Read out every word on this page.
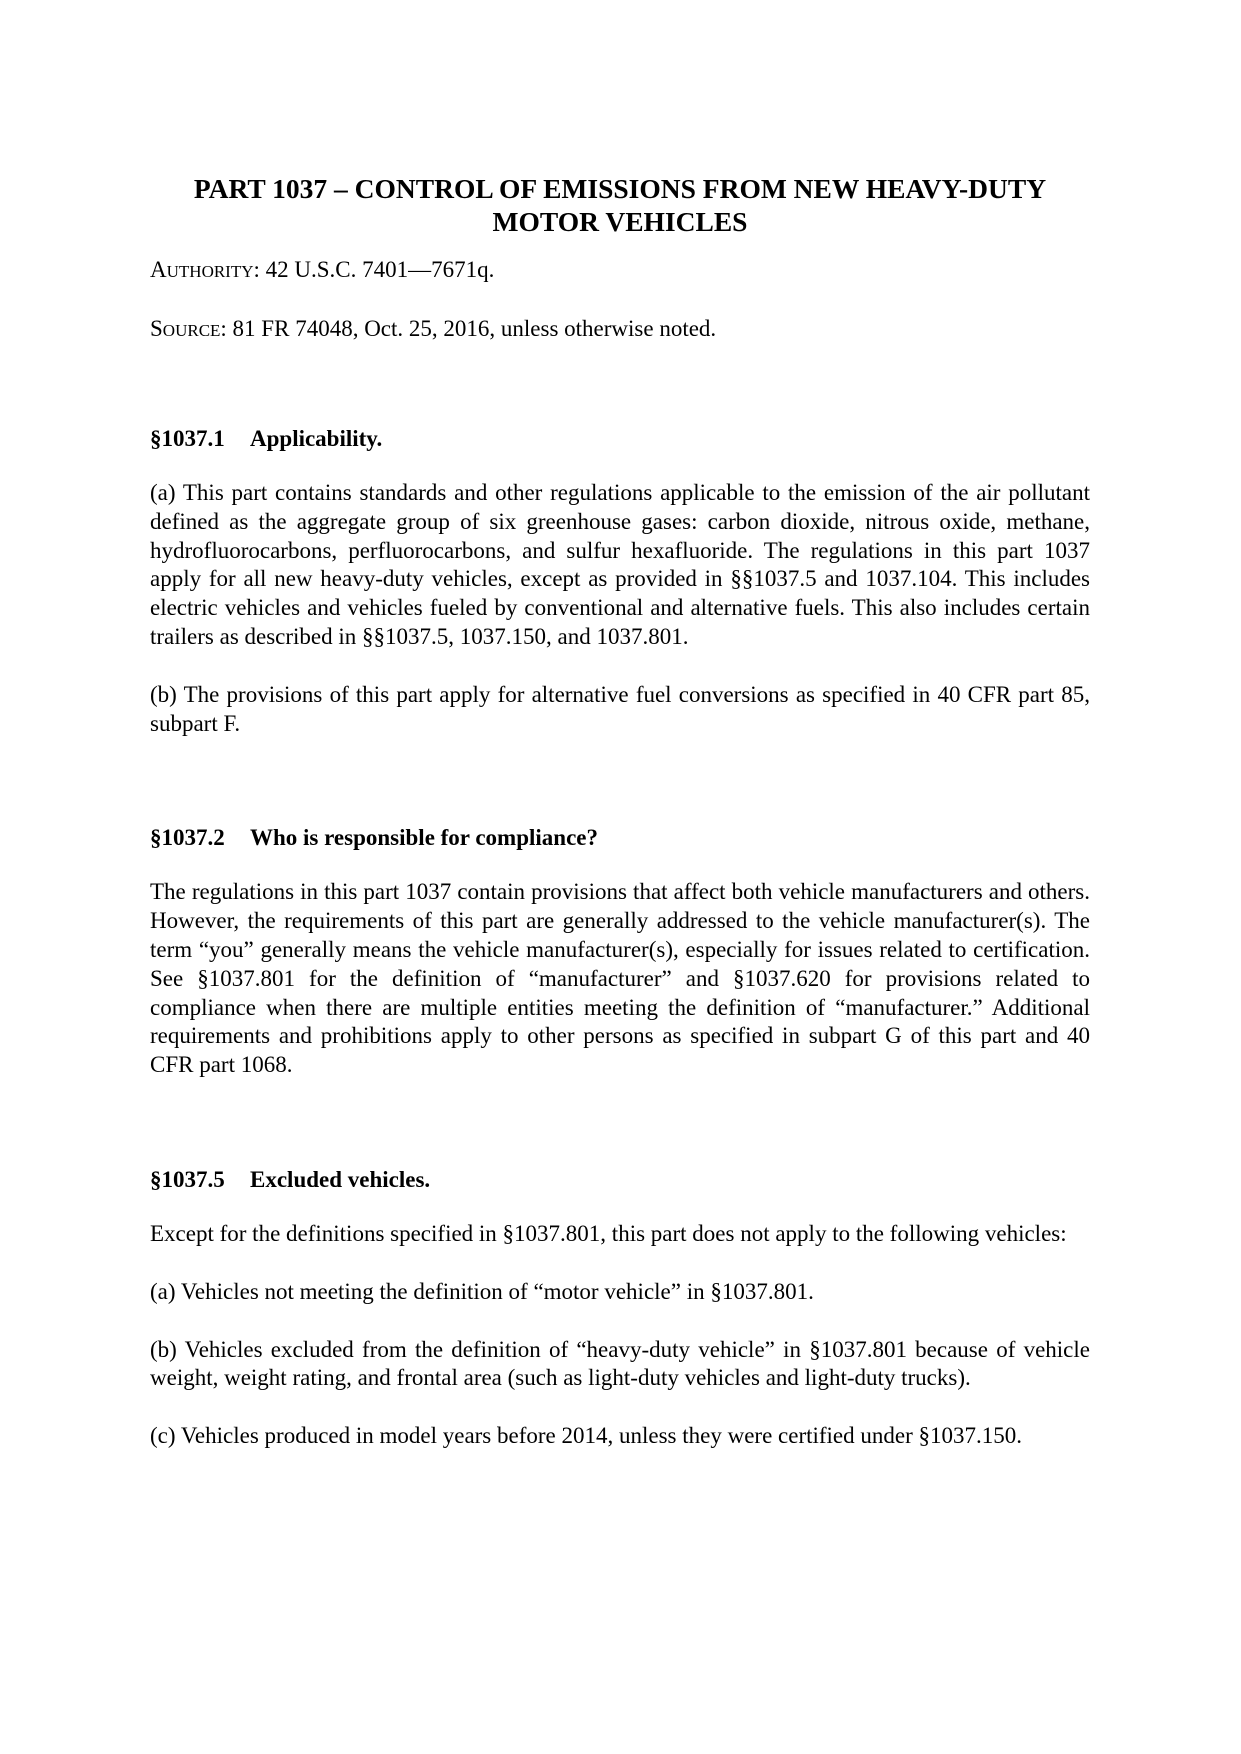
PART 1037 – CONTROL OF EMISSIONS FROM NEW HEAVY-DUTY MOTOR VEHICLES

AUTHORITY: 42 U.S.C. 7401—7671q.

SOURCE: 81 FR 74048, Oct. 25, 2016, unless otherwise noted.

§1037.1 Applicability.

(a) This part contains standards and other regulations applicable to the emission of the air pollutant defined as the aggregate group of six greenhouse gases: carbon dioxide, nitrous oxide, methane, hydrofluorocarbons, perfluorocarbons, and sulfur hexafluoride. The regulations in this part 1037 apply for all new heavy-duty vehicles, except as provided in §§1037.5 and 1037.104. This includes electric vehicles and vehicles fueled by conventional and alternative fuels. This also includes certain trailers as described in §§1037.5, 1037.150, and 1037.801.

(b) The provisions of this part apply for alternative fuel conversions as specified in 40 CFR part 85, subpart F.

§1037.2 Who is responsible for compliance?

The regulations in this part 1037 contain provisions that affect both vehicle manufacturers and others. However, the requirements of this part are generally addressed to the vehicle manufacturer(s). The term “you” generally means the vehicle manufacturer(s), especially for issues related to certification. See §1037.801 for the definition of “manufacturer” and §1037.620 for provisions related to compliance when there are multiple entities meeting the definition of “manufacturer.” Additional requirements and prohibitions apply to other persons as specified in subpart G of this part and 40 CFR part 1068.

§1037.5 Excluded vehicles.

Except for the definitions specified in §1037.801, this part does not apply to the following vehicles:

(a) Vehicles not meeting the definition of “motor vehicle” in §1037.801.

(b) Vehicles excluded from the definition of “heavy-duty vehicle” in §1037.801 because of vehicle weight, weight rating, and frontal area (such as light-duty vehicles and light-duty trucks).

(c) Vehicles produced in model years before 2014, unless they were certified under §1037.150.
